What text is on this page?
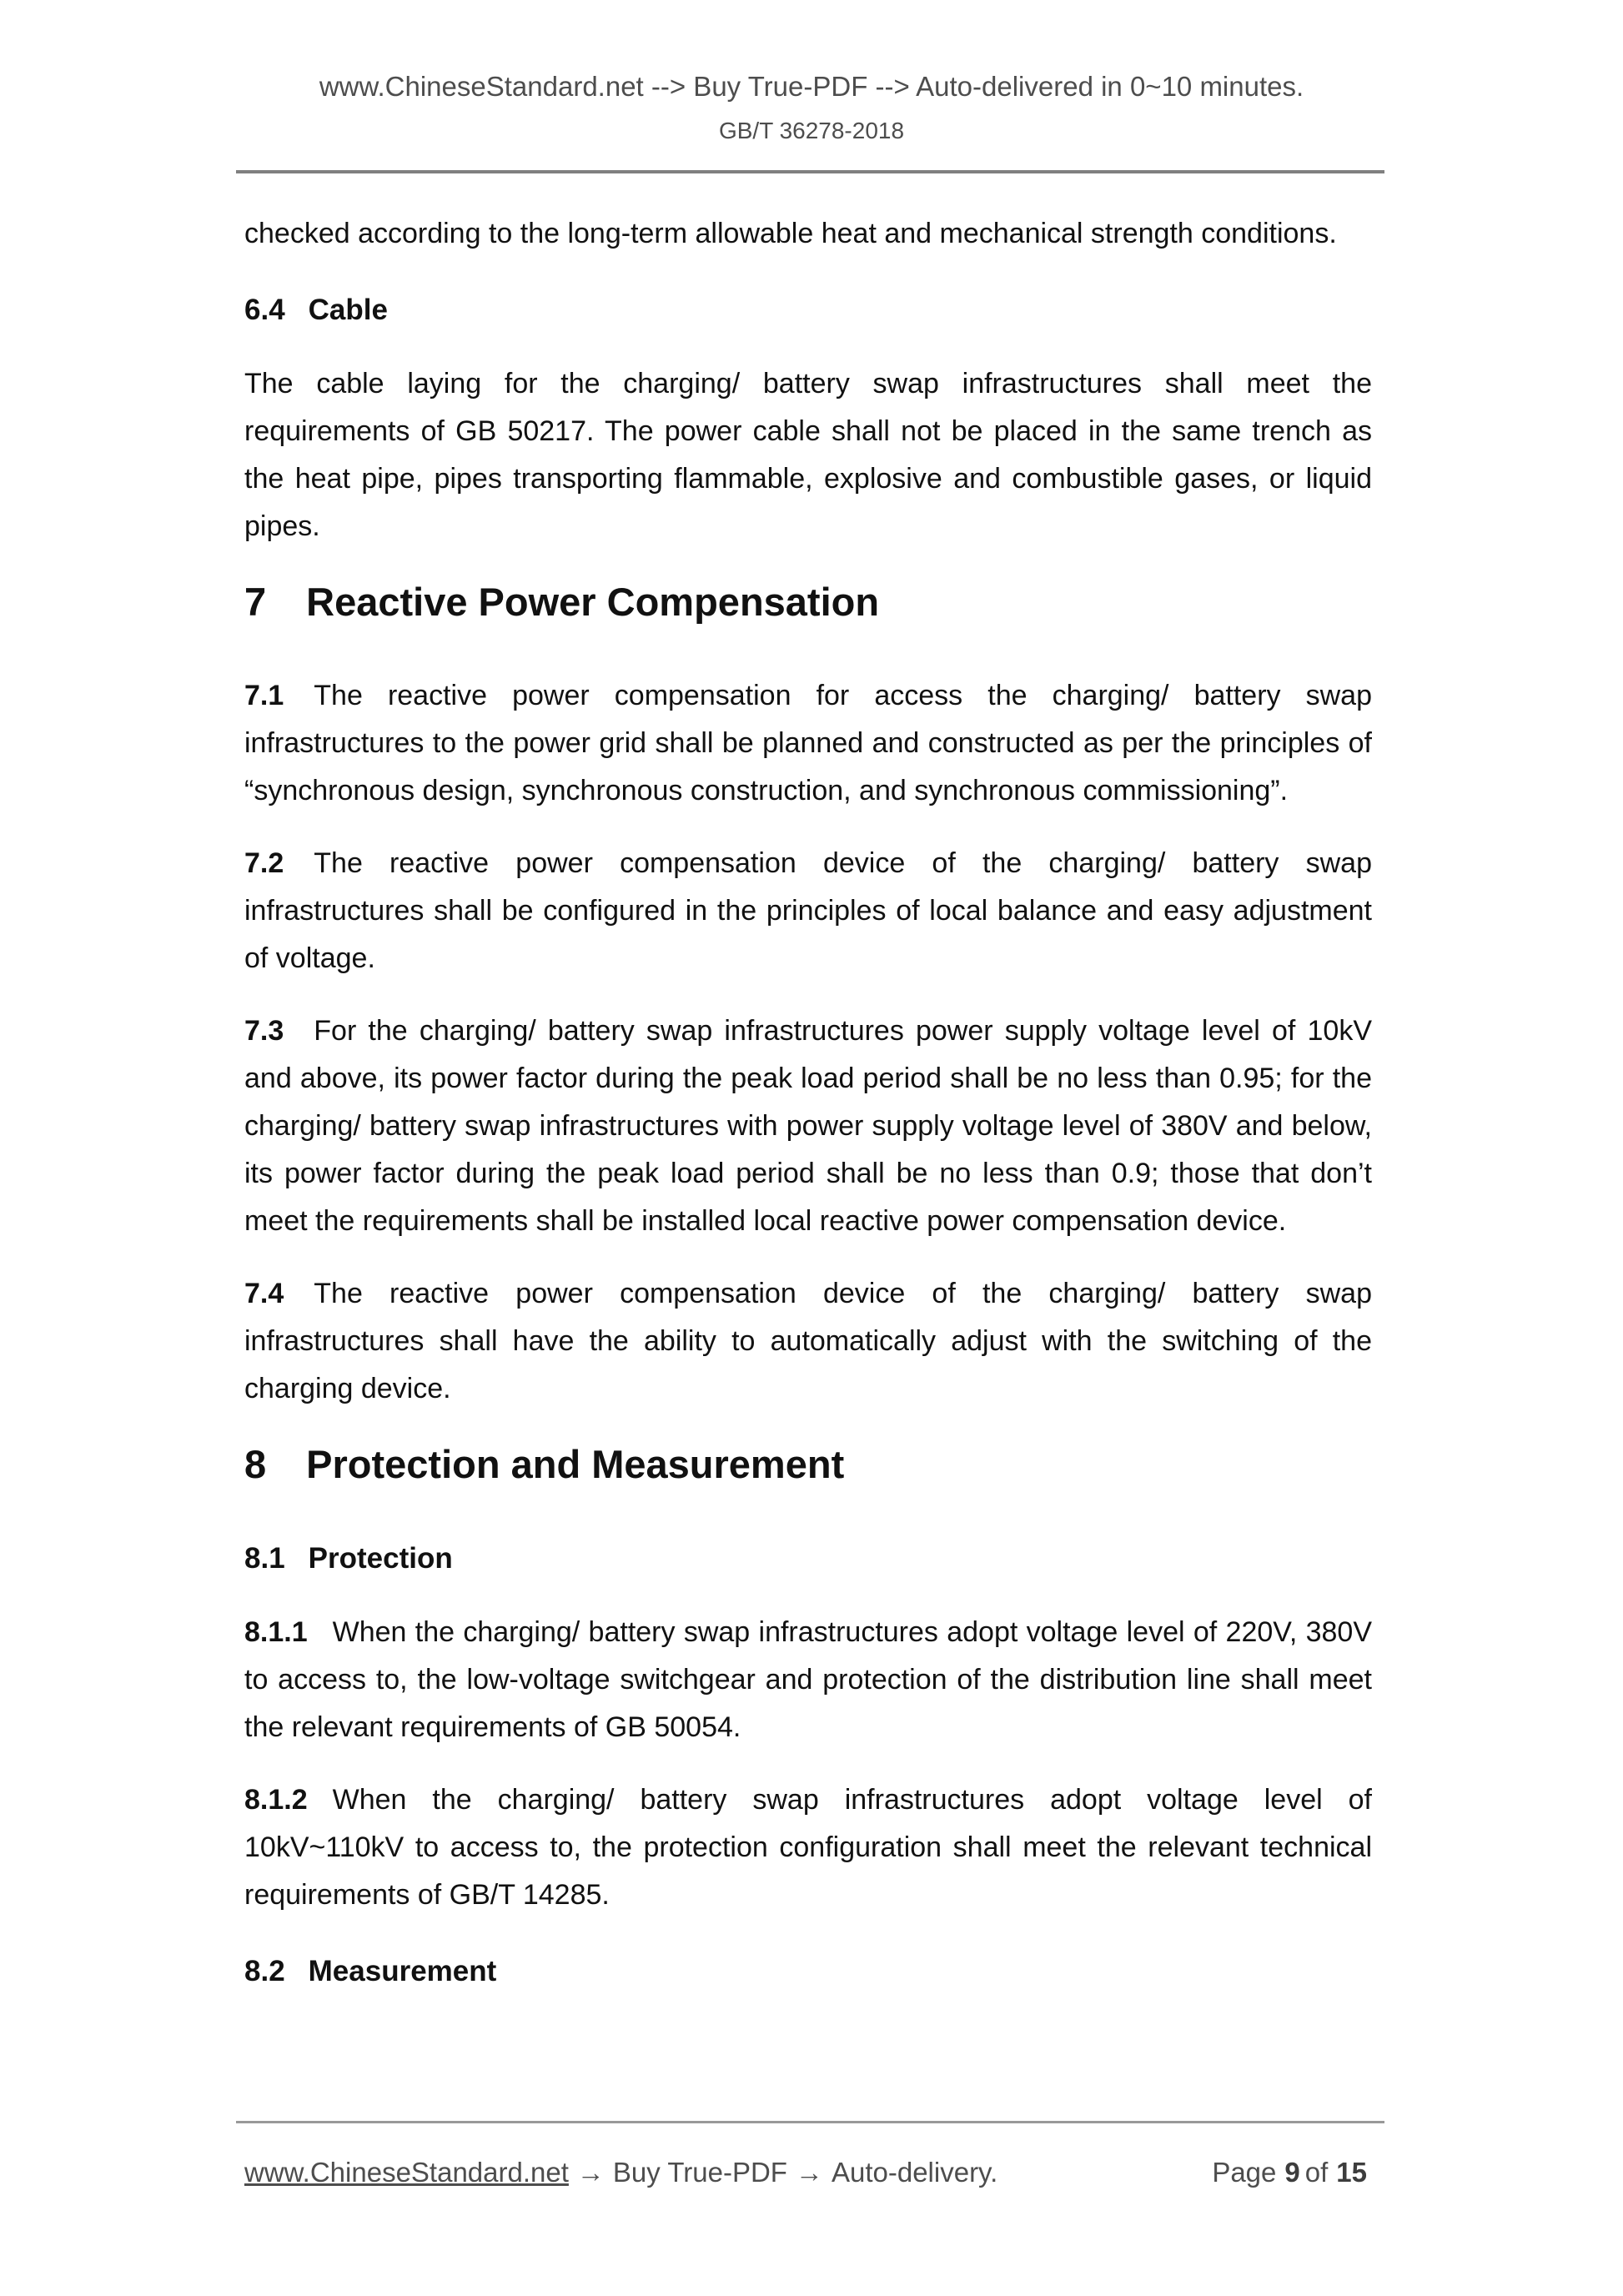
www.ChineseStandard.net --> Buy True-PDF --> Auto-delivered in 0~10 minutes.
GB/T 36278-2018

checked according to the long-term allowable heat and mechanical strength conditions.

6.4 Cable

The cable laying for the charging/ battery swap infrastructures shall meet the requirements of GB 50217. The power cable shall not be placed in the same trench as the heat pipe, pipes transporting flammable, explosive and combustible gases, or liquid pipes.

7 Reactive Power Compensation

7.1 The reactive power compensation for access the charging/ battery swap infrastructures to the power grid shall be planned and constructed as per the principles of “synchronous design, synchronous construction, and synchronous commissioning”.

7.2 The reactive power compensation device of the charging/ battery swap infrastructures shall be configured in the principles of local balance and easy adjustment of voltage.

7.3 For the charging/ battery swap infrastructures power supply voltage level of 10kV and above, its power factor during the peak load period shall be no less than 0.95; for the charging/ battery swap infrastructures with power supply voltage level of 380V and below, its power factor during the peak load period shall be no less than 0.9; those that don’t meet the requirements shall be installed local reactive power compensation device.

7.4 The reactive power compensation device of the charging/ battery swap infrastructures shall have the ability to automatically adjust with the switching of the charging device.

8 Protection and Measurement
8.1 Protection

8.1.1 When the charging/ battery swap infrastructures adopt voltage level of 220V, 380V to access to, the low-voltage switchgear and protection of the distribution line shall meet the relevant requirements of GB 50054.

8.1.2 When the charging/ battery swap infrastructures adopt voltage level of 10kV~110kV to access to, the protection configuration shall meet the relevant technical requirements of GB/T 14285.

8.2 Measurement
www.ChineseStandard.net → Buy True-PDF → Auto-delivery.	Page 9 of 15
